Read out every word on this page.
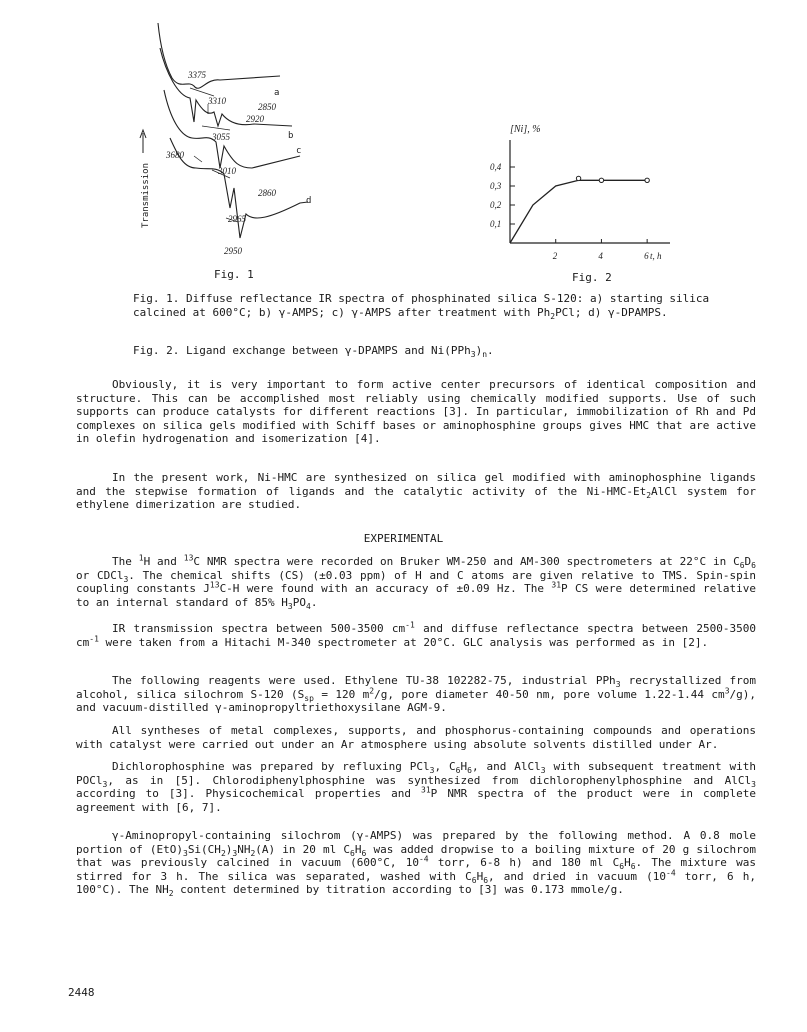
Transmission
3375
3310
2850
2920
3055
3680
3010
2860
2965
2950
a
b
c
d
[Ni], %
2	4	6
0,4
0,3
0,2
0,1
t, h
Fig. 1	Fig. 2

Fig. 1. Diffuse reflectance IR spectra of phosphinated silica S-120: a) starting silica calcined at 600°C; b) γ-AMPS; c) γ-AMPS after treatment with $Ph_2PCl$; d) γ-DPAMPS.

Fig. 2. Ligand exchange between γ-DPAMPS and $Ni(PPh_3)_n$.

Obviously, it is very important to form active center precursors of identical composition and structure. This can be accomplished most reliably using chemically modified supports. Use of such supports can produce catalysts for different reactions [3]. In particular, immobilization of Rh and Pd complexes on silica gels modified with Schiff bases or aminophosphine groups gives HMC that are active in olefin hydrogenation and isomerization [4].

In the present work, Ni-HMC are synthesized on silica gel modified with aminophosphine ligands and the stepwise formation of ligands and the catalytic activity of the $Ni-HMC-Et_2AlCl$ system for ethylene dimerization are studied.

EXPERIMENTAL

The $^1$H and $^{13}$C NMR spectra were recorded on Bruker WM-250 and AM-300 spectrometers at 22°C in $C_6D_6$ or CDCl$_3$. The chemical shifts (CS) (±0.03 ppm) of H and C atoms are given relative to TMS. Spin-spin coupling constants $J^{13}C-H$ were found with an accuracy of ±0.09 Hz. The $^{31}$P CS were determined relative to an internal standard of 85% $H_3PO_4$.

IR transmission spectra between 500-3500 $cm^{-1}$ and diffuse reflectance spectra between 2500-3500 $cm^{-1}$ were taken from a Hitachi M-340 spectrometer at 20°C. GLC analysis was performed as in [2].

The following reagents were used. Ethylene TU-38 102282-75, industrial PPh$_3$ recrystallized from alcohol, silica silochrom S-120 ($S_{sp} = 120$ $m^2/g$, pore diameter 40-50 nm, pore volume 1.22-1.44 $cm^3/g$), and vacuum-distilled γ-aminopropyltriethoxysilane AGM-9.

All syntheses of metal complexes, supports, and phosphorus-containing compounds and operations with catalyst were carried out under an Ar atmosphere using absolute solvents distilled under Ar.

Dichlorophosphine was prepared by refluxing PCl$_3$, $C_6H_6$, and AlCl$_3$ with subsequent treatment with POCl$_3$, as in [5]. Chlorodiphenylphosphine was synthesized from dichlorophenylphosphine and AlCl$_3$ according to [3]. Physicochemical properties and $^{31}$P NMR spectra of the product were in complete agreement with [6, 7].

γ-Aminopropyl-containing silochrom (γ-AMPS) was prepared by the following method. A 0.8 mole portion of $(EtO)_3Si(CH_2)_3NH_2(A)$ in 20 ml $C_6H_6$ was added dropwise to a boiling mixture of 20 g silochrom that was previously calcined in vacuum (600°C, $10^{-4}$ torr, 6-8 h) and 180 ml $C_6H_6$. The mixture was stirred for 3 h. The silica was separated, washed with $C_6H_6$, and dried in vacuum ($10^{-4}$ torr, 6 h, 100°C). The $NH_2$ content determined by titration according to [3] was 0.173 mmole/g.

2448
